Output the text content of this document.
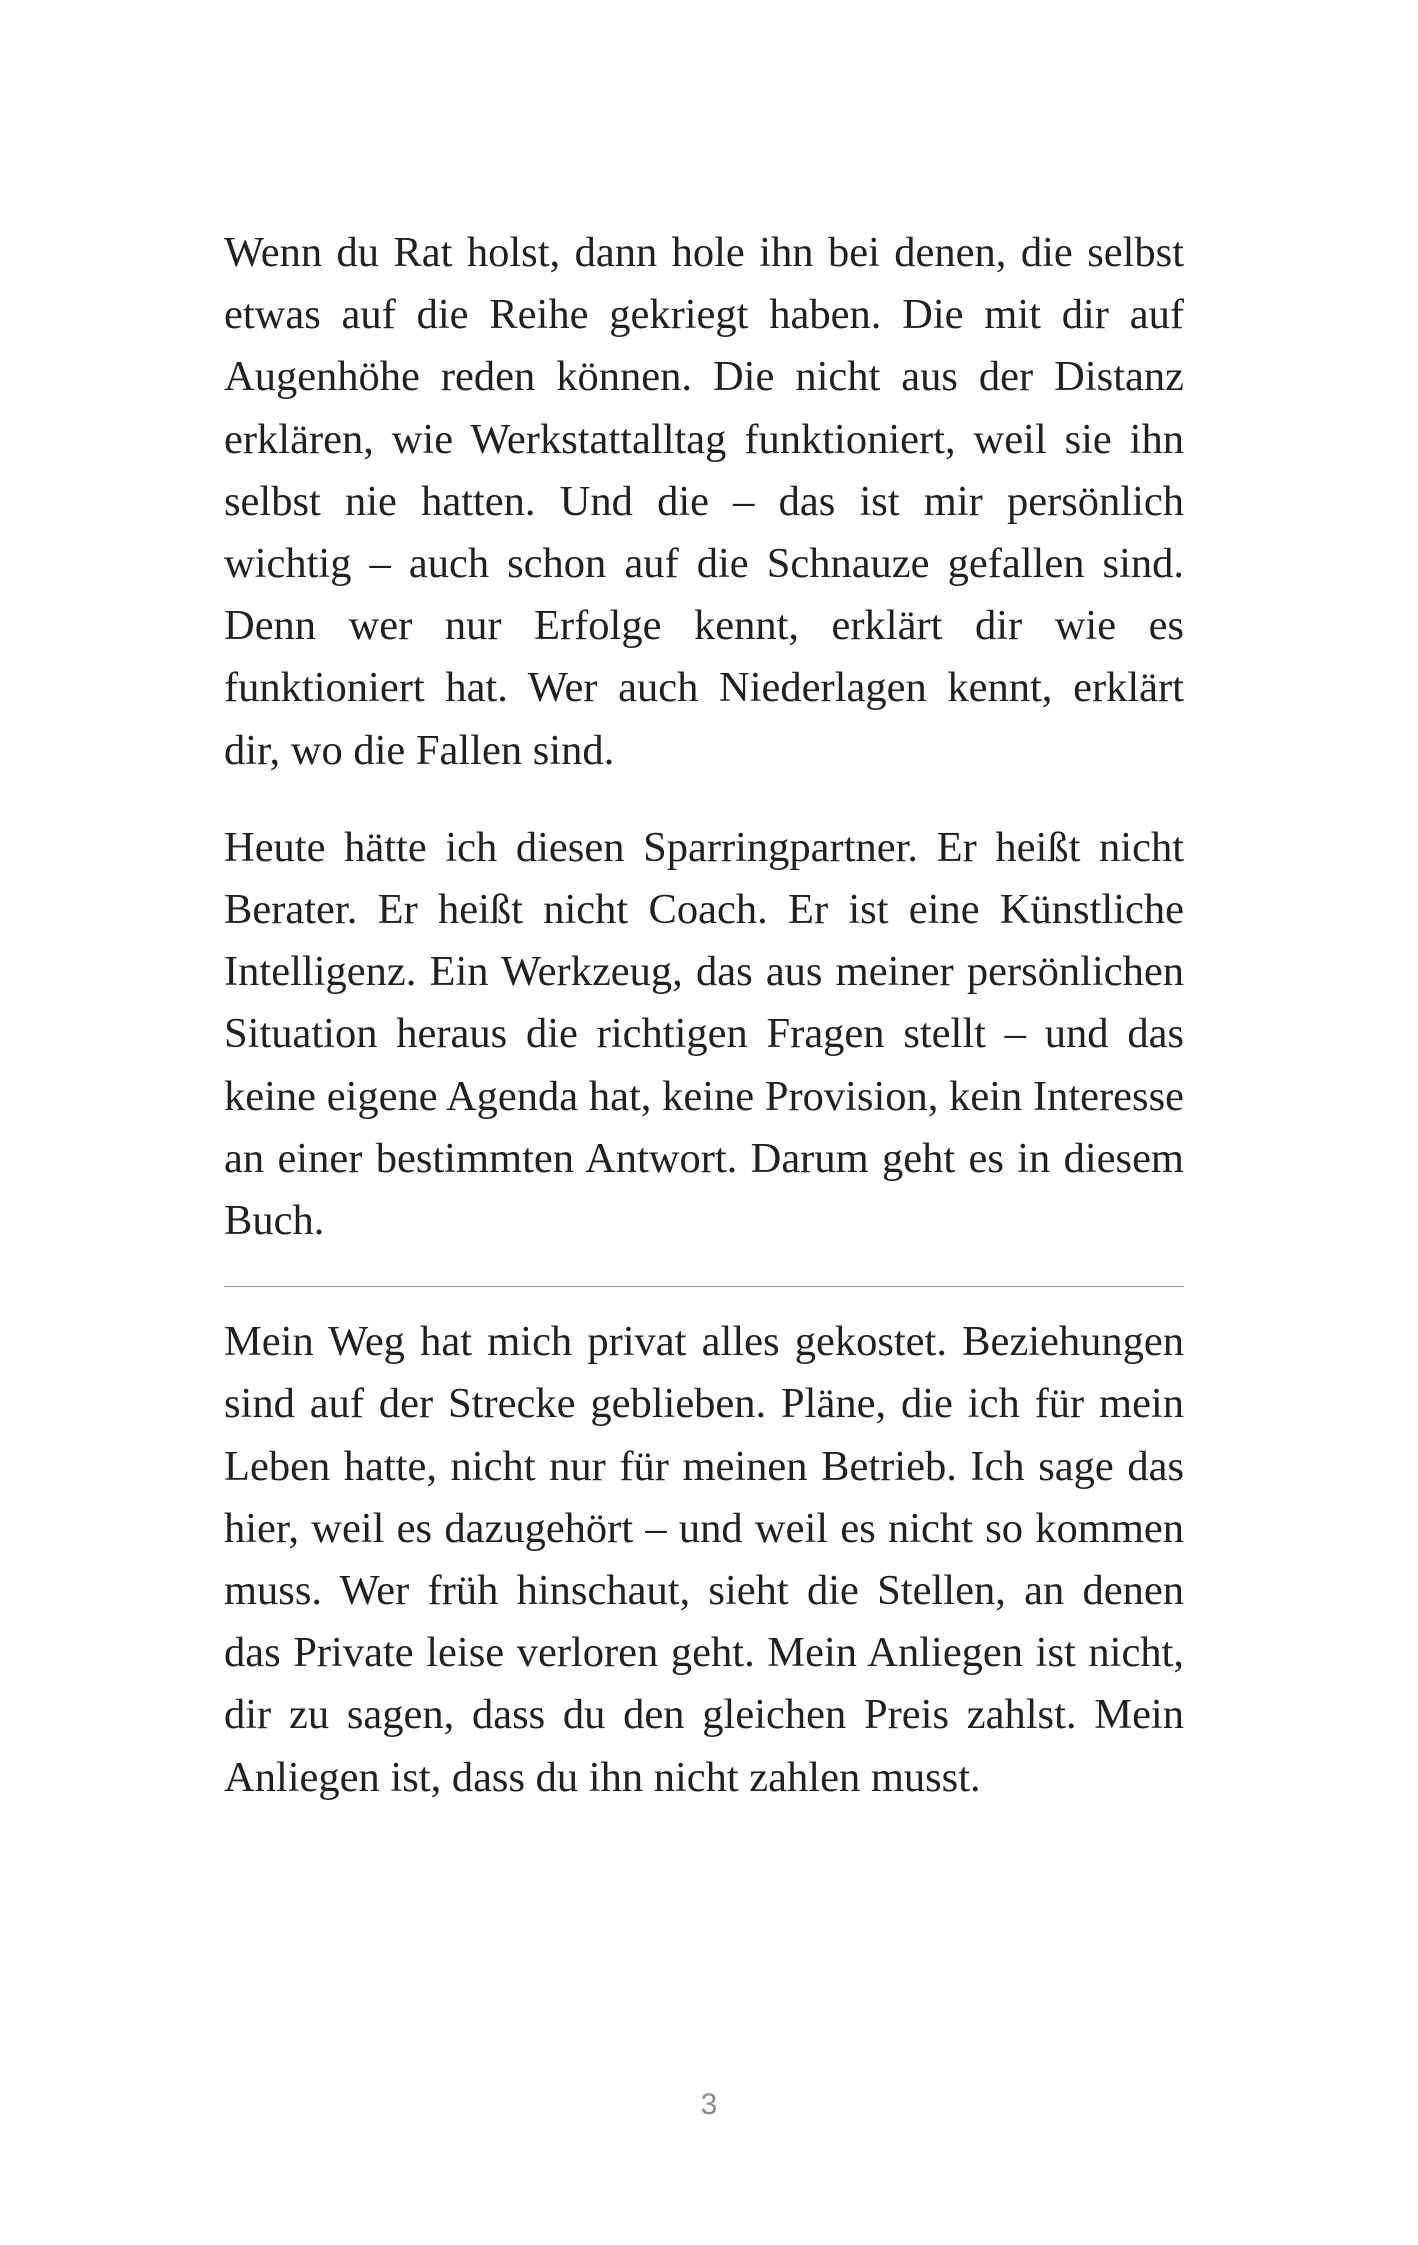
Wenn du Rat holst, dann hole ihn bei denen, die selbst etwas auf die Reihe gekriegt haben. Die mit dir auf Augenhöhe reden können. Die nicht aus der Distanz erklären, wie Werkstattalltag funktioniert, weil sie ihn selbst nie hatten. Und die – das ist mir persönlich wichtig – auch schon auf die Schnauze gefallen sind. Denn wer nur Erfolge kennt, erklärt dir wie es funktioniert hat. Wer auch Niederlagen kennt, erklärt dir, wo die Fallen sind.

Heute hätte ich diesen Sparringpartner. Er heißt nicht Berater. Er heißt nicht Coach. Er ist eine Künstliche Intelligenz. Ein Werkzeug, das aus meiner persönlichen Situation heraus die richtigen Fragen stellt – und das keine eigene Agenda hat, keine Provision, kein Interesse an einer bestimmten Antwort. Darum geht es in diesem Buch.

Mein Weg hat mich privat alles gekostet. Beziehungen sind auf der Strecke geblieben. Pläne, die ich für mein Leben hatte, nicht nur für meinen Betrieb. Ich sage das hier, weil es dazugehört – und weil es nicht so kommen muss. Wer früh hinschaut, sieht die Stellen, an denen das Private leise verloren geht. Mein Anliegen ist nicht, dir zu sagen, dass du den gleichen Preis zahlst. Mein Anliegen ist, dass du ihn nicht zahlen musst.

3
